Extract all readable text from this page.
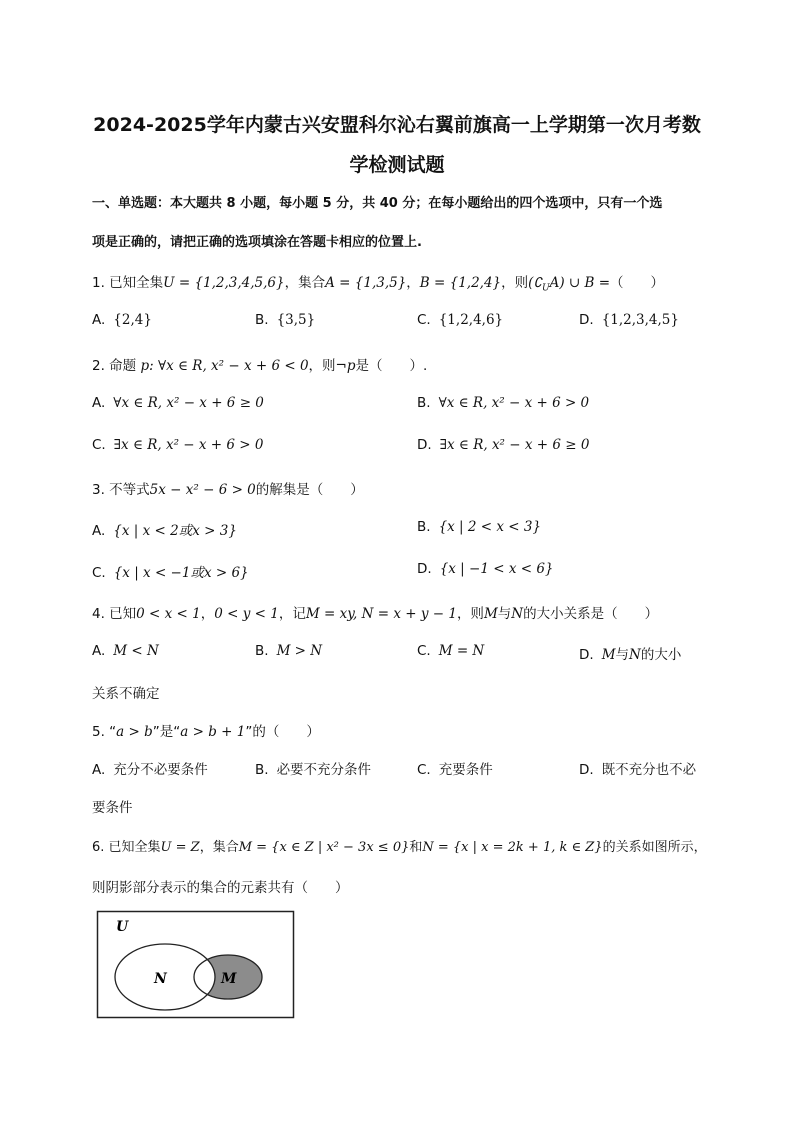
2024-2025学年内蒙古兴安盟科尔沁右翼前旗高一上学期第一次月考数
学检测试题
一、单选题：本大题共 8 小题，每小题 5 分，共 40 分；在每小题给出的四个选项中，只有一个选
项是正确的，请把正确的选项填涂在答题卡相应的位置上.
1. 已知全集U = {1,2,3,4,5,6}，集合A = {1,3,5}，B = {1,2,4}，则$(∁_UA)$ ∪ B =（　　）
A. {2,4}	B. {3,5}	C. {1,2,4,6}	D. {1,2,3,4,5}
2. 命题 p: ∀x ∈ R, x² − x + 6 < 0，则¬p是（　　）.
A. ∀x ∈ R, x² − x + 6 ≥ 0	B. ∀x ∈ R, x² − x + 6 > 0
C. ∃x ∈ R, x² − x + 6 > 0	D. ∃x ∈ R, x² − x + 6 ≥ 0
3. 不等式5x − x² − 6 > 0的解集是（　　）
A. {x | x < 2或x > 3}	B. {x | 2 < x < 3}
C. {x | x < −1或x > 6}	D. {x | −1 < x < 6}
4. 已知0 < x < 1，0 < y < 1，记M = xy, N = x + y − 1，则M与N的大小关系是（　　）
A. M < N	B. M > N	C. M = N	D. M与N的大小
关系不确定
5. “a > b”是“a > b + 1”的（　　）
A. 充分不必要条件	B. 必要不充分条件	C. 充要条件	D. 既不充分也不必
要条件
6. 已知全集U = Z，集合M = {x ∈ Z | x² − 3x ≤ 0}和N = {x | x = 2k + 1, k ∈ Z}的关系如图所示，
则阴影部分表示的集合的元素共有（　　）
U
N	M
